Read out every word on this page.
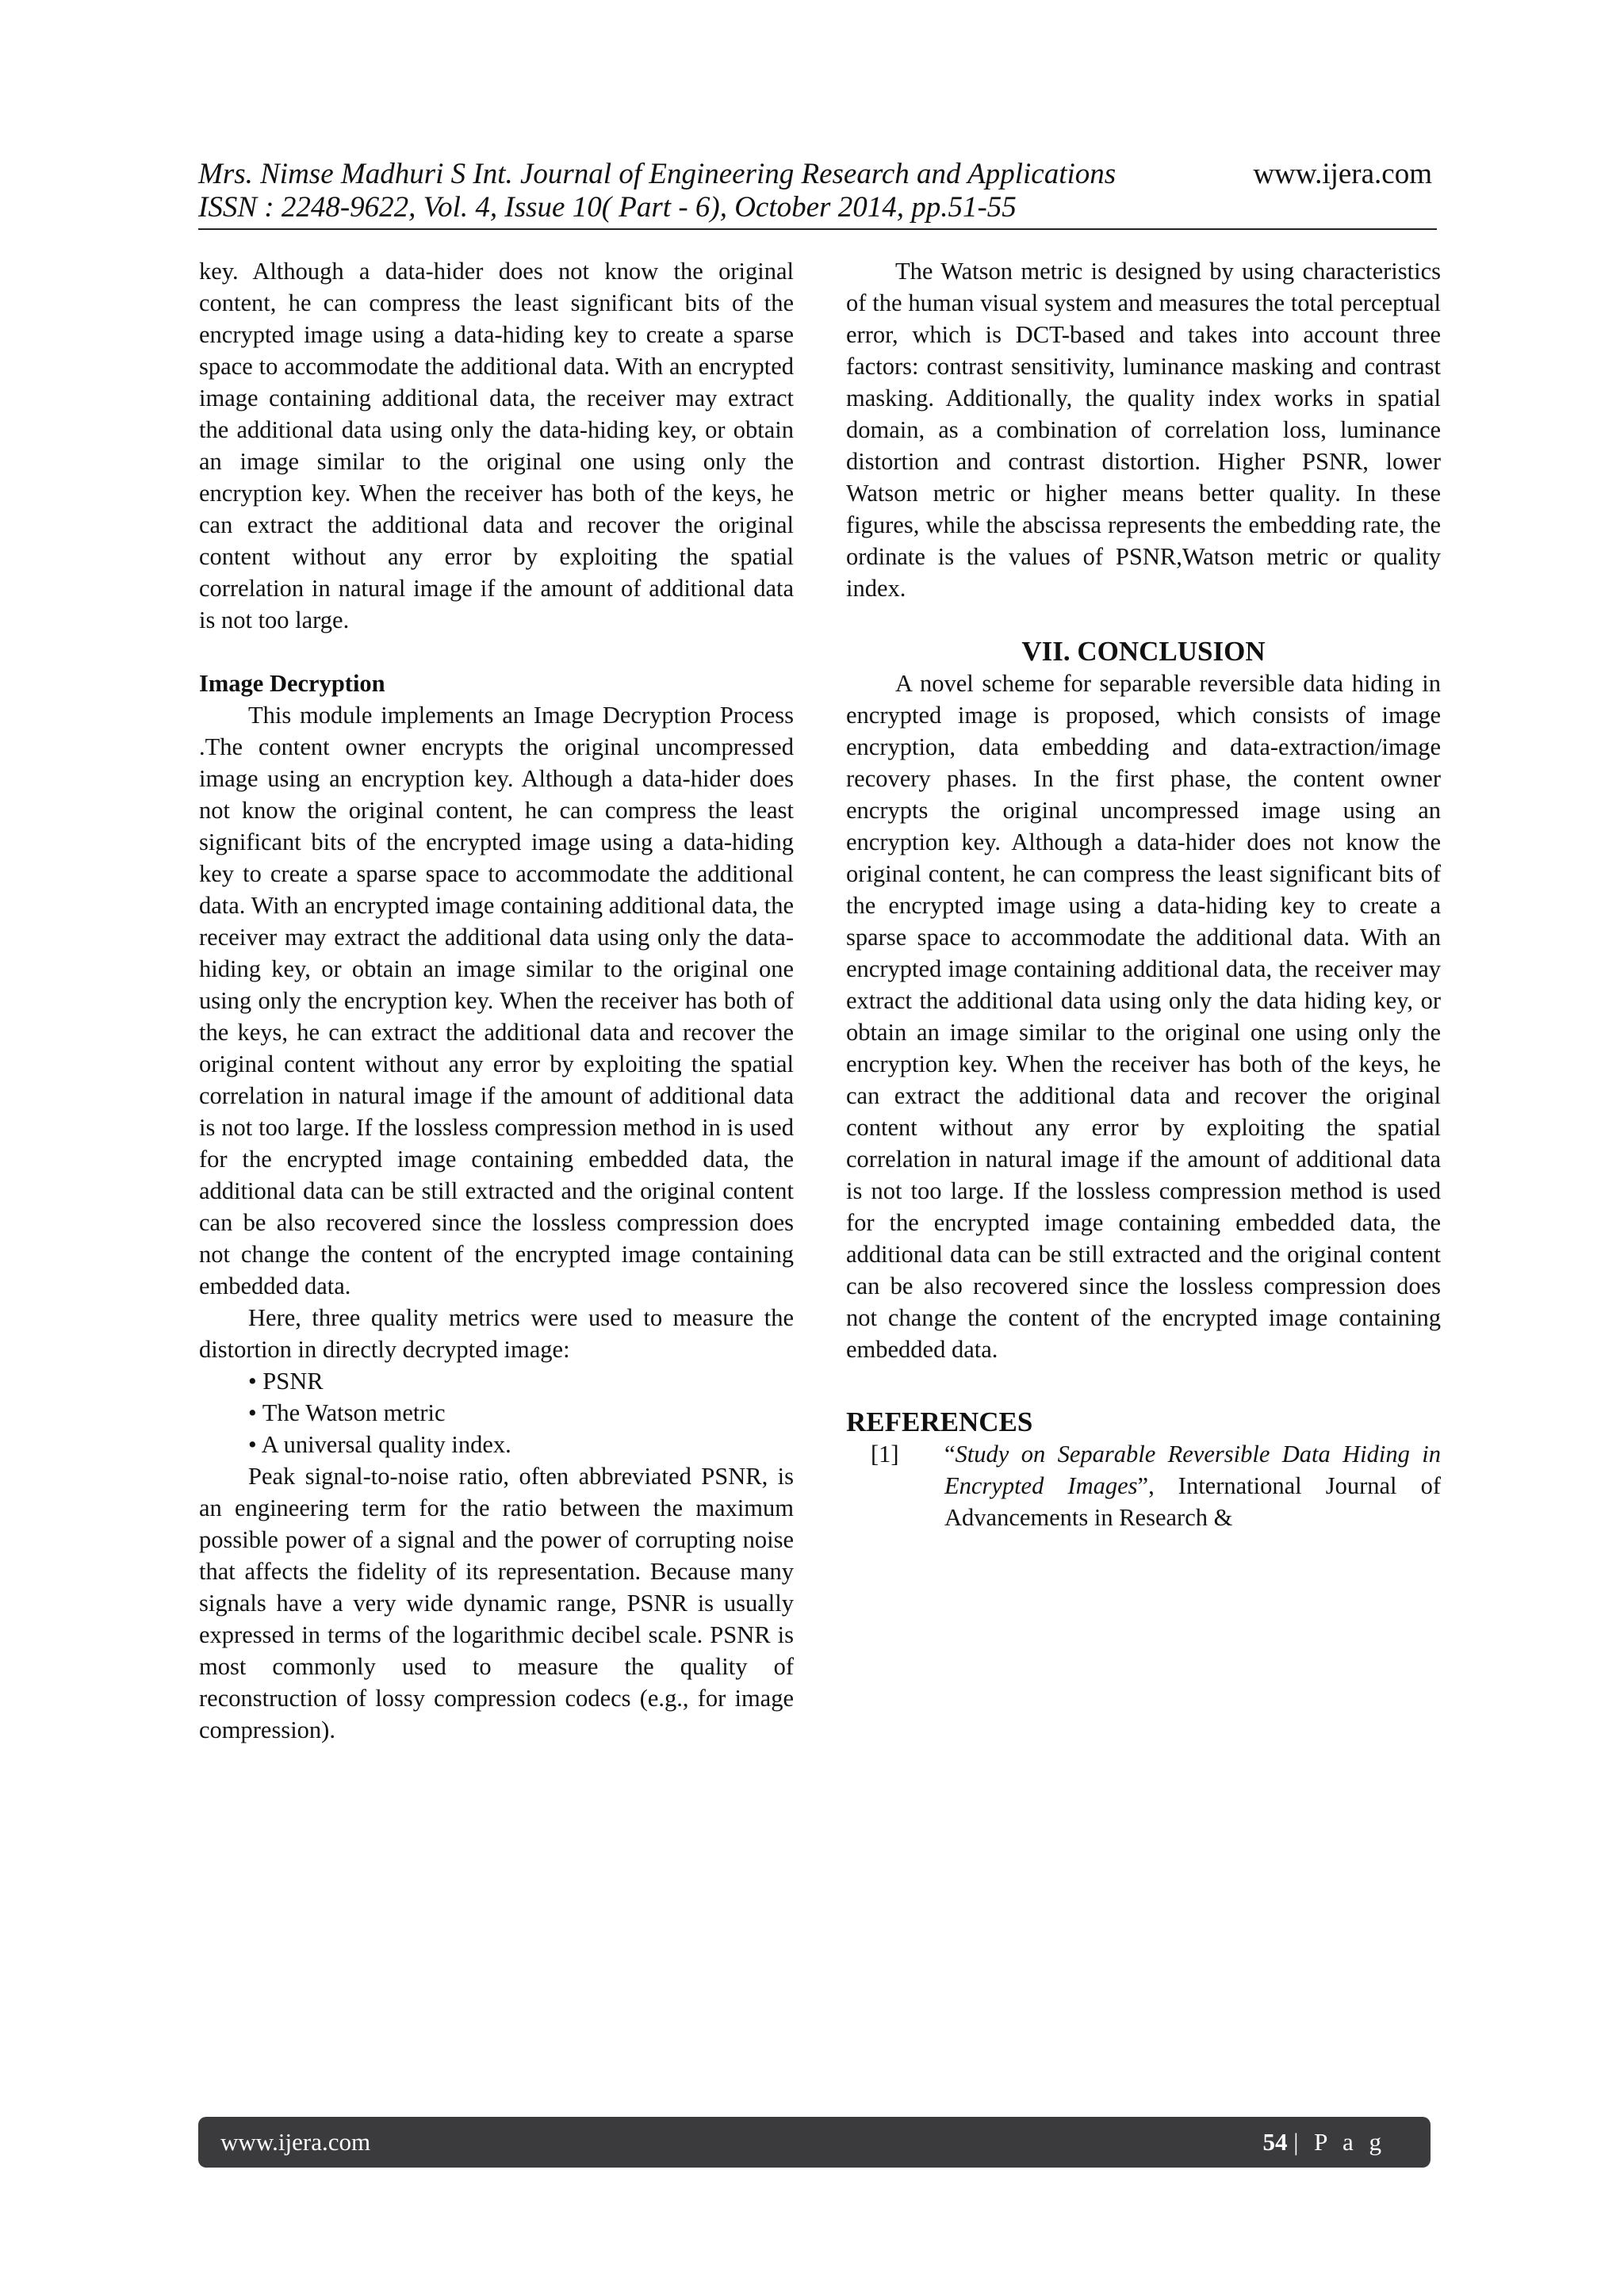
Mrs. Nimse Madhuri S Int. Journal of Engineering Research and Applications
ISSN : 2248-9622, Vol. 4, Issue 10( Part - 6), October 2014, pp.51-55
www.ijera.com

key. Although a data-hider does not know the original content, he can compress the least significant bits of the encrypted image using a data-hiding key to create a sparse space to accommodate the additional data. With an encrypted image containing additional data, the receiver may extract the additional data using only the data-hiding key, or obtain an image similar to the original one using only the encryption key. When the receiver has both of the keys, he can extract the additional data and recover the original content without any error by exploiting the spatial correlation in natural image if the amount of additional data is not too large.

Image Decryption

This module implements an Image Decryption Process .The content owner encrypts the original uncompressed image using an encryption key. Although a data-hider does not know the original content, he can compress the least significant bits of the encrypted image using a data-hiding key to create a sparse space to accommodate the additional data. With an encrypted image containing additional data, the receiver may extract the additional data using only the data-hiding key, or obtain an image similar to the original one using only the encryption key. When the receiver has both of the keys, he can extract the additional data and recover the original content without any error by exploiting the spatial correlation in natural image if the amount of additional data is not too large. If the lossless compression method in is used for the encrypted image containing embedded data, the additional data can be still extracted and the original content can be also recovered since the lossless compression does not change the content of the encrypted image containing embedded data.

Here, three quality metrics were used to measure the distortion in directly decrypted image:

• PSNR
• The Watson metric
• A universal quality index.

Peak signal-to-noise ratio, often abbreviated PSNR, is an engineering term for the ratio between the maximum possible power of a signal and the power of corrupting noise that affects the fidelity of its representation. Because many signals have a very wide dynamic range, PSNR is usually expressed in terms of the logarithmic decibel scale. PSNR is most commonly used to measure the quality of reconstruction of lossy compression codecs (e.g., for image compression).

The Watson metric is designed by using characteristics of the human visual system and measures the total perceptual error, which is DCT-based and takes into account three factors: contrast sensitivity, luminance masking and contrast masking. Additionally, the quality index works in spatial domain, as a combination of correlation loss, luminance distortion and contrast distortion. Higher PSNR, lower Watson metric or higher means better quality. In these figures, while the abscissa represents the embedding rate, the ordinate is the values of PSNR,Watson metric or quality index.

VII. CONCLUSION

A novel scheme for separable reversible data hiding in encrypted image is proposed, which consists of image encryption, data embedding and data-extraction/image recovery phases. In the first phase, the content owner encrypts the original uncompressed image using an encryption key. Although a data-hider does not know the original content, he can compress the least significant bits of the encrypted image using a data-hiding key to create a sparse space to accommodate the additional data. With an encrypted image containing additional data, the receiver may extract the additional data using only the data hiding key, or obtain an image similar to the original one using only the encryption key. When the receiver has both of the keys, he can extract the additional data and recover the original content without any error by exploiting the spatial correlation in natural image if the amount of additional data is not too large. If the lossless compression method is used for the encrypted image containing embedded data, the additional data can be still extracted and the original content can be also recovered since the lossless compression does not change the content of the encrypted image containing embedded data.

REFERENCES
[1] “Study on Separable Reversible Data Hiding in Encrypted Images”, International Journal of Advancements in Research &
www.ijera.com	54 | P a g
